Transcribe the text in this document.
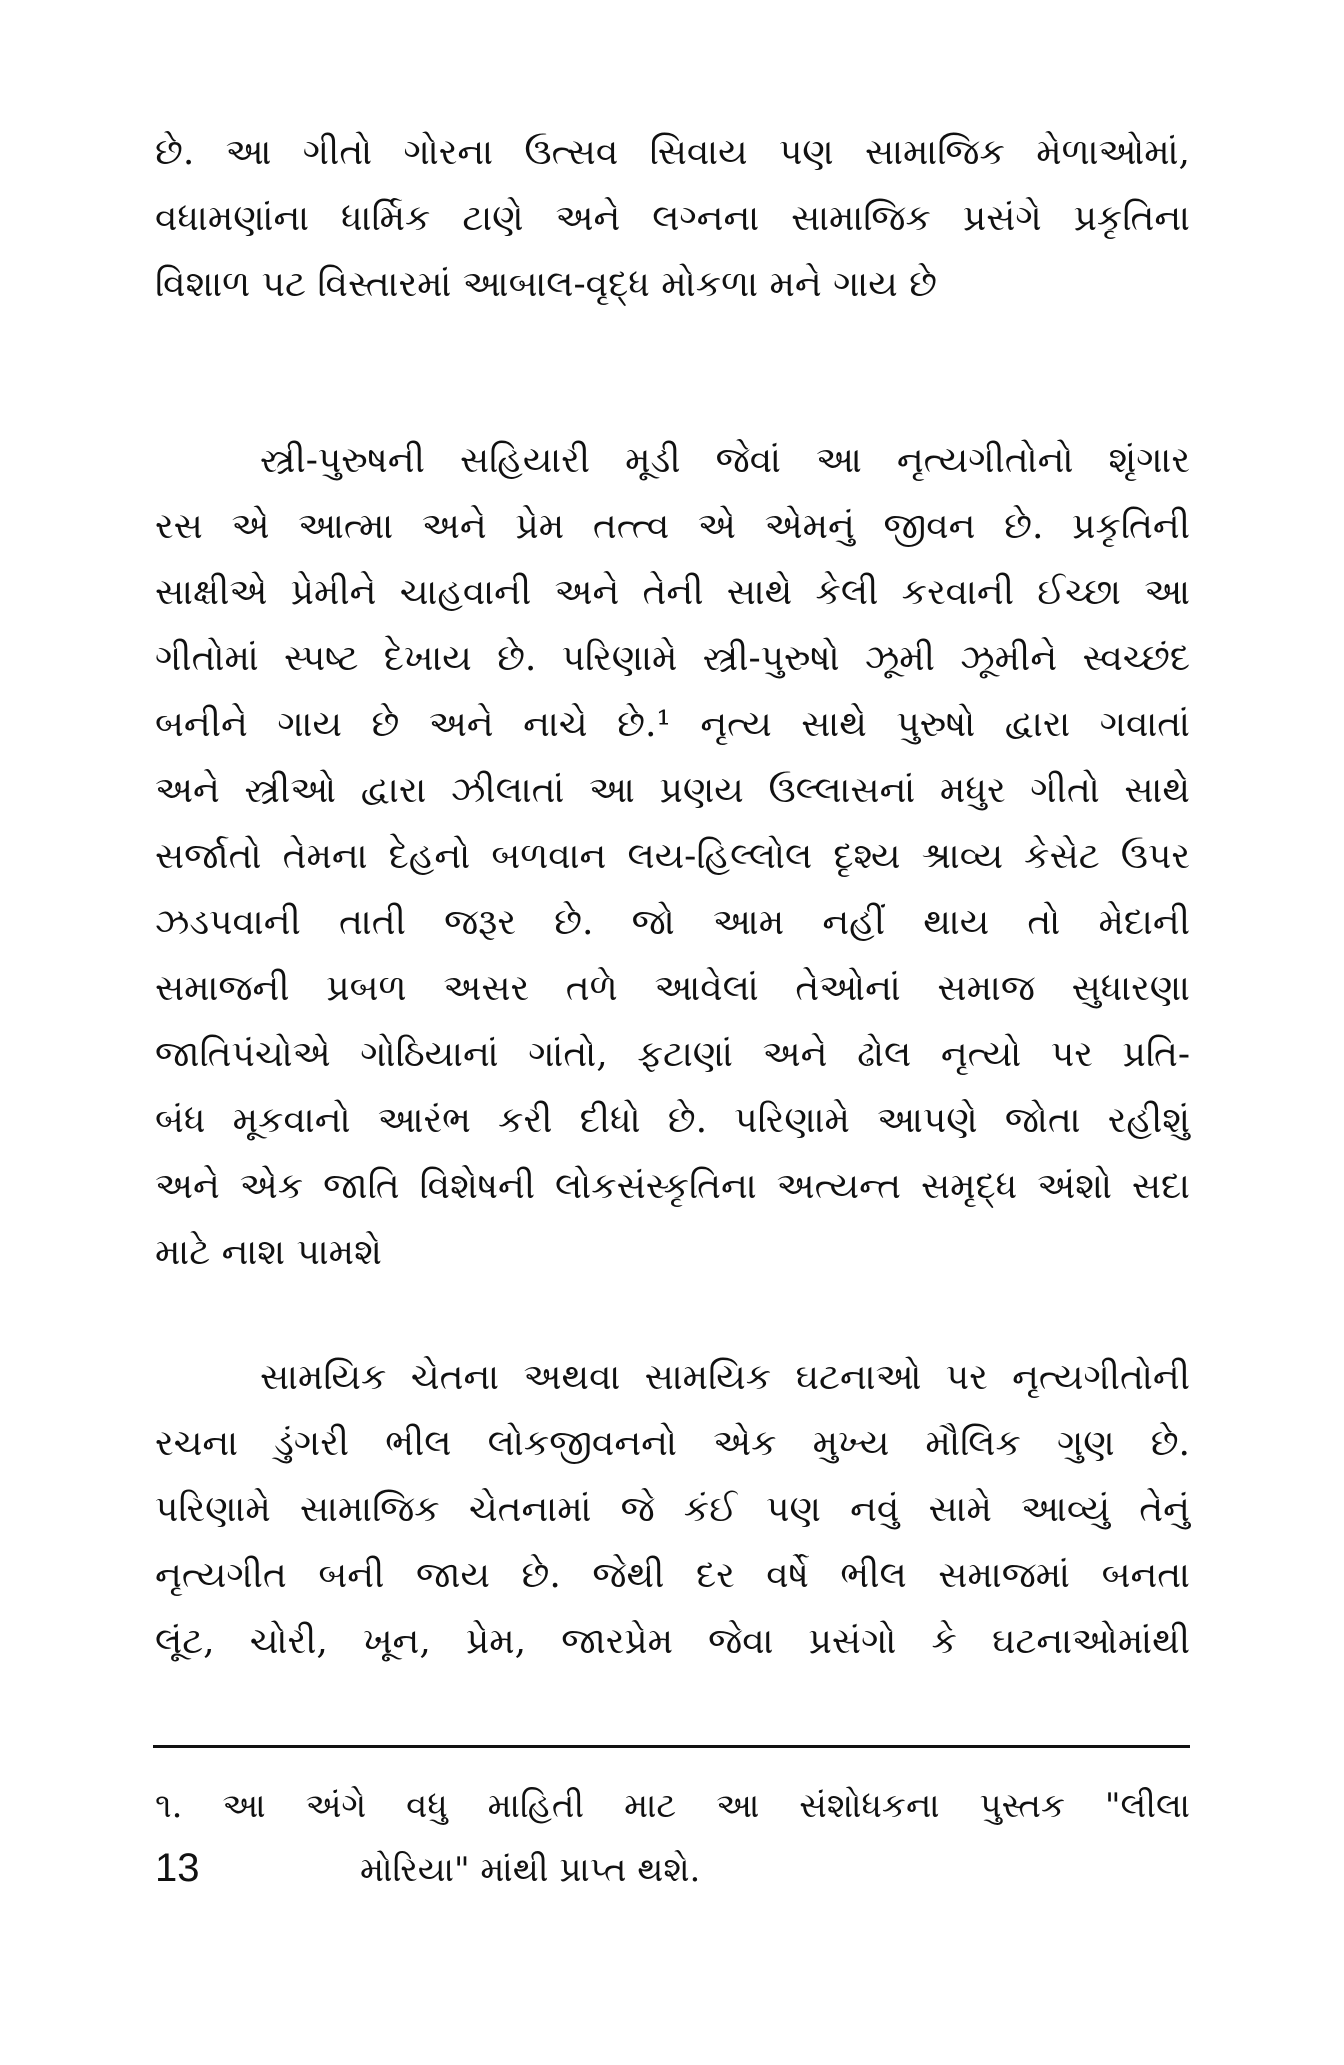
છે. આ ગીતો ગોરના ઉત્સવ સિવાય પણ સામાજિક મેળાઓમાં,
વધામણાંના ધાર્મિક ટાણે અને લગ્નના સામાજિક પ્રસંગે પ્રકૃતિના
વિશાળ પટ વિસ્તારમાં આબાલ-વૃદ્ધ મોકળા મને ગાય છે
સ્ત્રી-પુરુષની સહિયારી મૂડી જેવાં આ નૃત્યગીતોનો શૃંગાર
રસ એ આત્મા અને પ્રેમ તત્ત્વ એ એમનું જીવન છે. પ્રકૃતિની
સાક્ષીએ પ્રેમીને ચાહવાની અને તેની સાથે કેલી કરવાની ઈચ્છા આ
ગીતોમાં સ્પષ્ટ દેખાય છે. પરિણામે સ્ત્રી-પુરુષો ઝૂમી ઝૂમીને સ્વચ્છંદ
બનીને ગાય છે અને નાચે છે.¹ નૃત્ય સાથે પુરુષો દ્વારા ગવાતાં
અને સ્ત્રીઓ દ્વારા ઝીલાતાં આ પ્રણય ઉલ્લાસનાં મધુર ગીતો સાથે
સર્જાતો તેમના દેહનો બળવાન લય-હિલ્લોલ દૃશ્ય શ્રાવ્ય કેસેટ ઉપર
ઝડપવાની તાતી જરૂર છે. જો આમ નહીં થાય તો મેદાની
સમાજની પ્રબળ અસર તળે આવેલાં તેઓનાં સમાજ સુધારણા
જાતિપંચોએ ગોઠિયાનાં ગાંતો, ફટાણાં અને ઢોલ નૃત્યો પર પ્રતિ-
બંધ મૂકવાનો આરંભ કરી દીધો છે. પરિણામે આપણે જોતા રહીશું
અને એક જાતિ વિશેષની લોકસંસ્કૃતિના અત્યન્ત સમૃદ્ધ અંશો સદા
માટે નાશ પામશે
સામયિક ચેતના અથવા સામયિક ઘટનાઓ પર નૃત્યગીતોની
રચના ડુંગરી ભીલ લોકજીવનનો એક મુખ્ય મૌલિક ગુણ છે.
પરિણામે સામાજિક ચેતનામાં જે કંઈ પણ નવું સામે આવ્યું તેનું
નૃત્યગીત બની જાય છે. જેથી દર વર્ષે ભીલ સમાજમાં બનતા
લૂંટ, ચોરી, ખૂન, પ્રેમ, જારપ્રેમ જેવા પ્રસંગો કે ઘટનાઓમાંથી
૧. આ અંગે વધુ માહિતી માટ આ સંશોધકના પુસ્તક "લીલા
13	મોરિયા" માંથી પ્રાપ્ત થશે.
